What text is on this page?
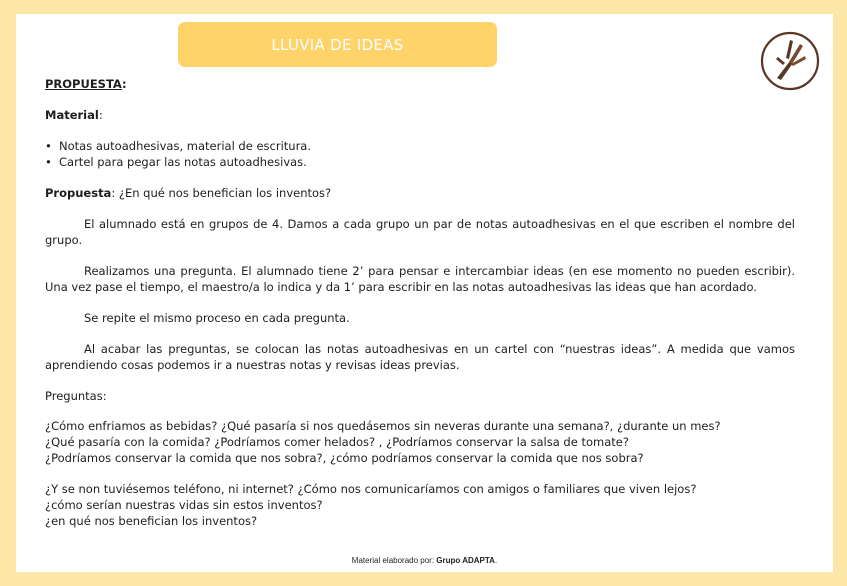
LLUVIA DE IDEAS

PROPUESTA:

Material:

• Notas autoadhesivas, material de escritura.
• Cartel para pegar las notas autoadhesivas.

Propuesta: ¿En qué nos benefician los inventos?

El alumnado está en grupos de 4. Damos a cada grupo un par de notas autoadhesivas en el que escriben el nombre del grupo.

Realizamos una pregunta. El alumnado tiene 2’ para pensar e intercambiar ideas (en ese momento no pueden escribir). Una vez pase el tiempo, el maestro/a lo indica y da 1’ para escribir en las notas autoadhesivas las ideas que han acordado.

Se repite el mismo proceso en cada pregunta.

Al acabar las preguntas, se colocan las notas autoadhesivas en un cartel con “nuestras ideas”. A medida que vamos aprendiendo cosas podemos ir a nuestras notas y revisas ideas previas.

Preguntas:

¿Cómo enfriamos as bebidas? ¿Qué pasaría si nos quedásemos sin neveras durante una semana?, ¿durante un mes?

¿Qué pasaría con la comida? ¿Podríamos comer helados? , ¿Podríamos conservar la salsa de tomate?

¿Podríamos conservar la comida que nos sobra?, ¿cómo podríamos conservar la comida que nos sobra?

¿Y se non tuviésemos teléfono, ni internet? ¿Cómo nos comunicaríamos con amigos o familiares que viven lejos?

¿cómo serían nuestras vidas sin estos inventos?

¿en qué nos benefician los inventos?

Material elaborado por: Grupo ADAPTA.
